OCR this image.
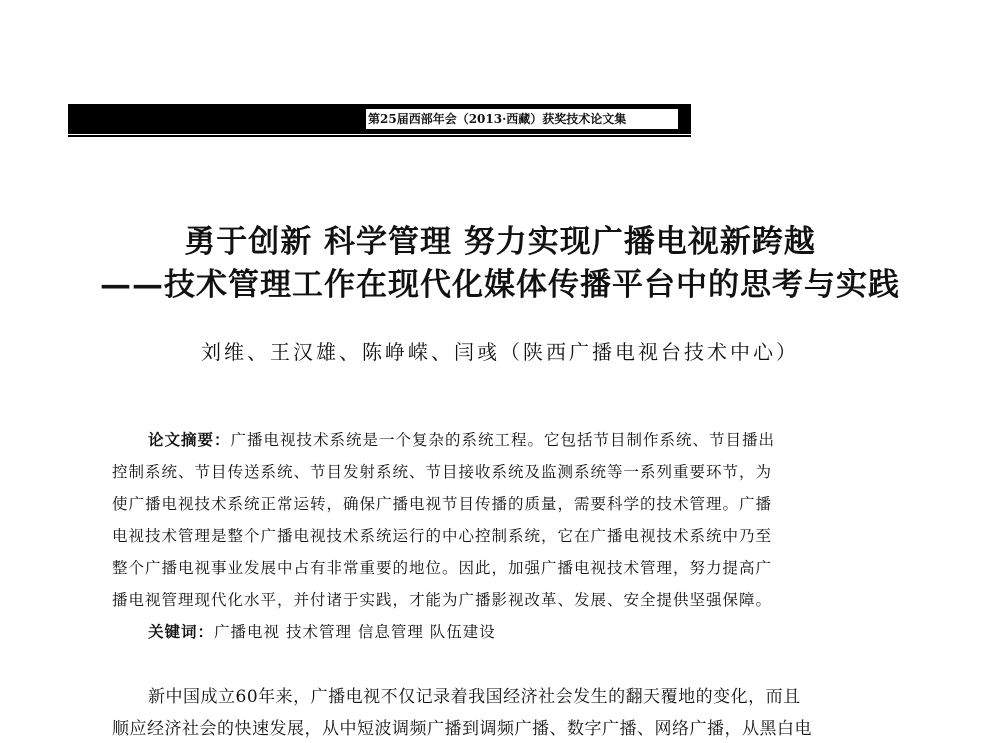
第25届西部年会（2013·西藏）获奖技术论文集
勇于创新 科学管理 努力实现广播电视新跨越
——技术管理工作在现代化媒体传播平台中的思考与实践
刘维、王汉雄、陈峥嵘、闫彧（陕西广播电视台技术中心）
论文摘要：广播电视技术系统是一个复杂的系统工程。它包括节目制作系统、节目播出
控制系统、节目传送系统、节目发射系统、节目接收系统及监测系统等一系列重要环节，为
使广播电视技术系统正常运转，确保广播电视节目传播的质量，需要科学的技术管理。广播
电视技术管理是整个广播电视技术系统运行的中心控制系统，它在广播电视技术系统中乃至
整个广播电视事业发展中占有非常重要的地位。因此，加强广播电视技术管理，努力提高广
播电视管理现代化水平，并付诸于实践，才能为广播影视改革、发展、安全提供坚强保障。
关键词：广播电视 技术管理 信息管理 队伍建设
新中国成立60年来，广播电视不仅记录着我国经济社会发生的翻天覆地的变化，而且
顺应经济社会的快速发展，从中短波调频广播到调频广播、数字广播、网络广播，从黑白电
